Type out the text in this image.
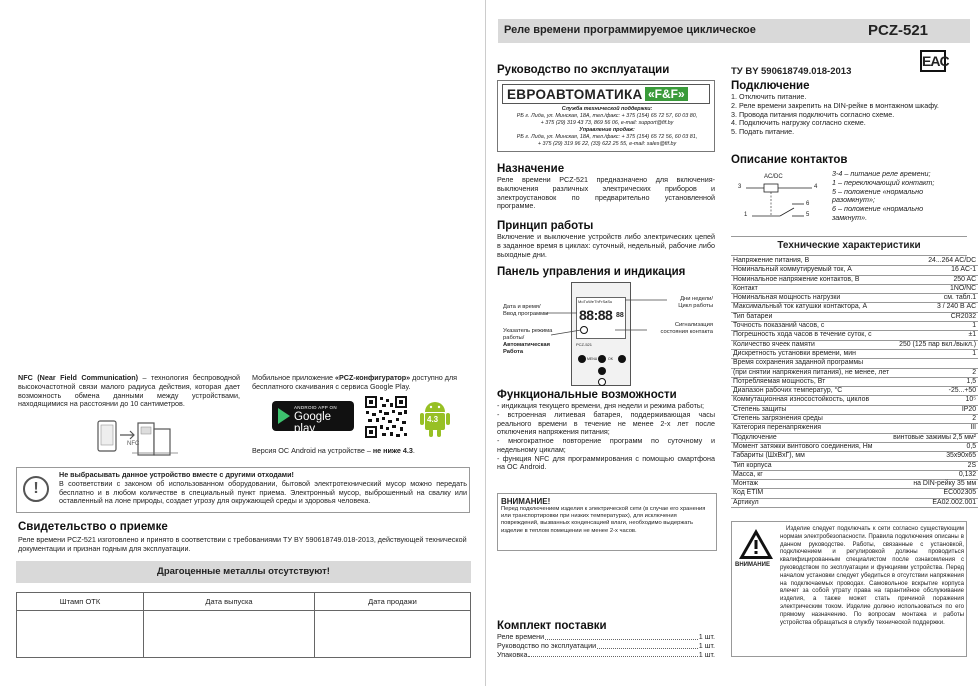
NFC (Near Field Communication) – технология беспроводной высокочастотной связи малого радиуса действия, которая дает возможность обмена данными между устройствами, находящимися на расстоянии до 10 сантиметров.
NFC
Мобильное приложение «PCZ-конфигуратор» доступно для бесплатного скачивания с сервиса Google Play.
ANDROID APP ON
Google play
4.3
Версия ОС Android на устройстве – не ниже 4.3.
!
Не выбрасывать данное устройство вместе с другими отходами!
В соответствии с законом об использованном оборудовании, бытовой электротехнический мусор можно передать бесплатно и в любом количестве в специальный пункт приема. Электронный мусор, выброшенный на свалку или оставленный на лоне природы, создает угрозу для окружающей среды и здоровья человека.
Свидетельство о приемке
Реле времени PCZ-521 изготовлено и принято в соответствии с требованиями ТУ BY 590618749.018-2013, действующей технической документации и признан годным для эксплуатации.
Драгоценные металлы отсутствуют!
Штамп ОТК	Дата выпуска	Дата продажи

Реле времени программируемое циклическое	PCZ-521
EAC
Руководство по эксплуатации
ЕВРОАВТОМАТИКА «F&F»
Служба технической поддержки:
РБ г. Лида, ул. Минская, 18А, тел./факс: + 375 (154) 65 72 57, 60 03 80,
+ 375 (29) 319 43 73, 869 56 06, e-mail: support@fif.by
Управление продаж:
РБ г. Лида, ул. Минская, 18А, тел./факс: + 375 (154) 65 72 56, 60 03 81,
+ 375 (29) 319 96 22, (33) 622 25 55, e-mail: sales@fif.by
Назначение
Реле времени PCZ-521 предназначено для включения-выключения различных электрических приборов и электроустановок по предварительно установленной программе.
Принцип работы
Включение и выключение устройств либо электрических цепей в заданное время в циклах: суточный, недельный, рабочие либо выходные дни.
Панель управления и индикация
MoTuWeThFrSaSu
88:88 88
PCZ-521
MENU	OK
Дата и время/
Ввод программы
Указатель режима
работы/
Автоматическая
Работа
Дни недели/
Цикл работы
Сигнализация
состояния контакта
Функциональные возможности
- индикация текущего времени, дня недели и режима работы;
- встроенная литиевая батарея, поддерживающая часы реального времени в течение не менее 2-х лет после отключения напряжения питания;
- многократное повторение программ по суточному и недельному циклам;
- функция NFC для программирования с помощью смартфона на ОС Android.
ВНИМАНИЕ!
Перед подключением изделия к электрической сети (в случае его хранения или транспортировки при низких температурах), для исключения повреждений, вызванных конденсацией влаги, необходимо выдержать изделие в теплом помещении не менее 2-х часов.
Комплект поставки
Реле времени	1 шт.
Руководство по эксплуатации	1 шт.
Упаковка	1 шт.
ТУ BY 590618749.018-2013
Подключение
1. Отключить питание.
2. Реле времени закрепить на DIN-рейке в монтажном шкафу.
3. Провода питания подключить согласно схеме.
4. Подключить нагрузку согласно схеме.
5. Подать питание.
Описание контактов
AC/DC
3	4
6
5
1
3-4 – питание реле времени;
1 – переключающий контакт;
5 – положение «нормально разомкнут»;
6 – положение «нормально замкнут».
Технические характеристики
Напряжение питания, В	24...264 AC/DC
Номинальный коммутируемый ток, А	16 AC-1
Номинальное напряжение контактов, В	250 AC
Контакт	1NO/NC
Номинальная мощность нагрузки	см. табл.1
Максимальный ток катушки контактора, А	3 / 240 В AC
Тип батареи	CR2032
Точность показаний часов, с	1
Погрешность хода часов в течение суток, с	±1
Количество ячеек памяти	250 (125 пар вкл./выкл.)
Дискретность установки времени, мин	1
Время сохранения заданной программы	
(при снятии напряжения питания), не менее, лет	2
Потребляемая мощность, Вт	1,5
Диапазон рабочих температур, °С	-25...+50
Коммутационная износостойкость, циклов	10⁵
Степень защиты	IP20
Степень загрязнения среды	2
Категория перенапряжения	III
Подключение	винтовые зажимы 2,5 мм²
Момент затяжки винтового соединения, Нм	0,5
Габариты (ШхВхГ), мм	35x90x65
Тип корпуса	2S
Масса, кг	0,132
Монтаж	на DIN-рейку 35 мм
Код ETIM	EC002305
Артикул	EA02.002.001
ВНИМАНИЕ
Изделие следует подключать к сети согласно существующим нормам электробезопасности. Правила подключения описаны в данном руководстве. Работы, связанные с установкой, подключением и регулировкой должны проводиться квалифицированным специалистом после ознакомления с руководством по эксплуатации и функциями устройства. Перед началом установки следует убедиться в отсутствии напряжения на подключаемых проводах. Самовольное вскрытие корпуса влечет за собой утрату права на гарантийное обслуживание изделия, а также может стать причиной поражения электрическим током. Изделие должно использоваться по его прямому назначению. По вопросам монтажа и работы устройства обращаться в службу технической поддержки.
